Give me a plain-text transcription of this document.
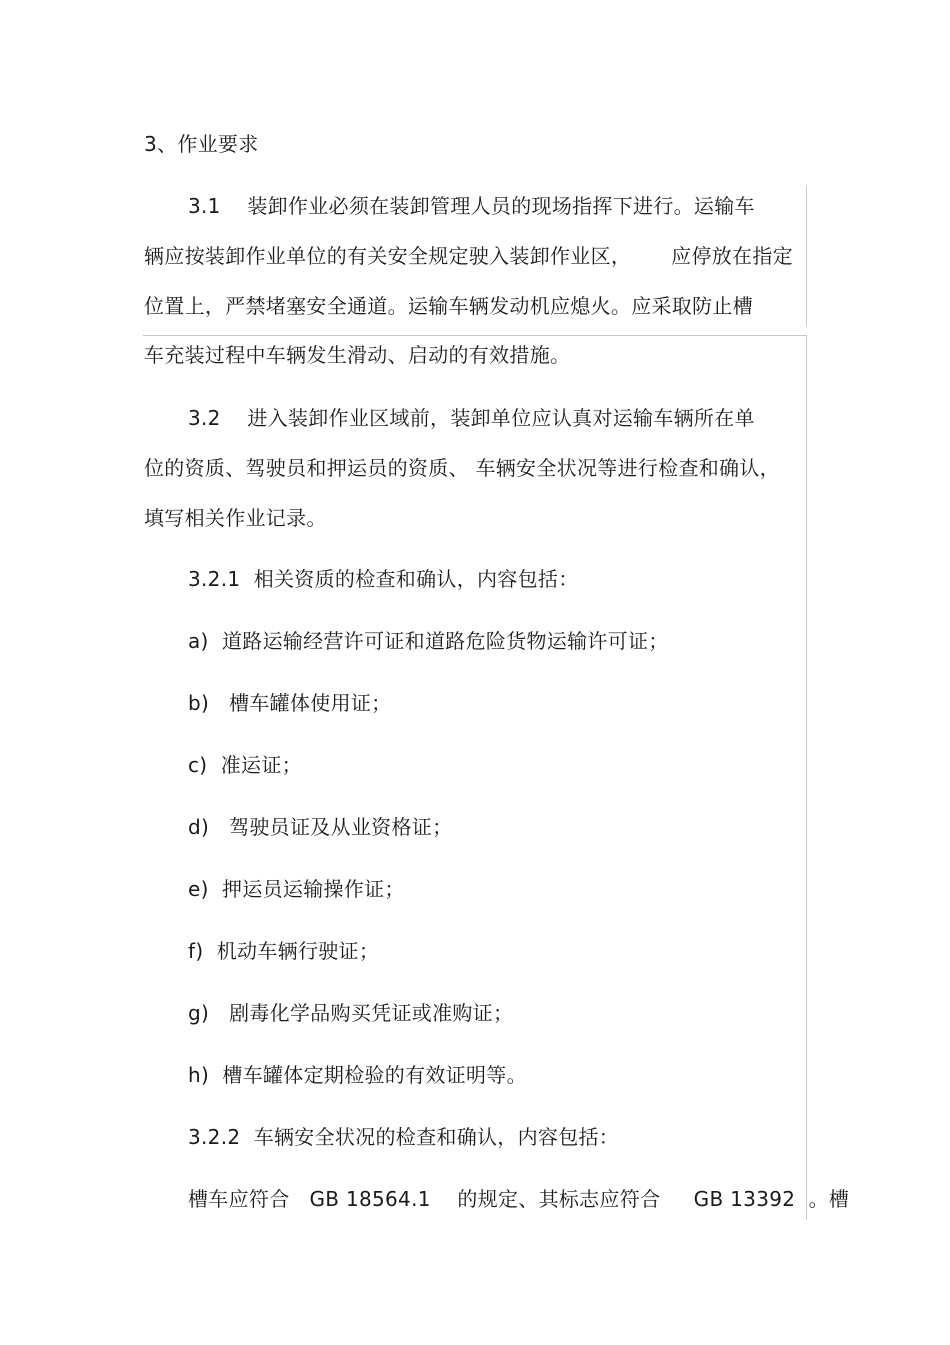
3、作业要求
3.1    装卸作业必须在装卸管理人员的现场指挥下进行。运输车
辆应按装卸作业单位的有关安全规定驶入装卸作业区，      应停放在指定
位置上，严禁堵塞安全通道。运输车辆发动机应熄火。应采取防止槽
车充装过程中车辆发生滑动、启动的有效措施。
3.2    进入装卸作业区域前，装卸单位应认真对运输车辆所在单
位的资质、驾驶员和押运员的资质、 车辆安全状况等进行检查和确认，
填写相关作业记录。
3.2.1  相关资质的检查和确认，内容包括：
a)  道路运输经营许可证和道路危险货物运输许可证；
b)   槽车罐体使用证；
c)  准运证；
d)   驾驶员证及从业资格证；
e)  押运员运输操作证；
f)  机动车辆行驶证；
g)   剧毒化学品购买凭证或准购证；
h)  槽车罐体定期检验的有效证明等。
3.2.2  车辆安全状况的检查和确认，内容包括：
槽车应符合   GB 18564.1    的规定、其标志应符合     GB 13392  。槽
